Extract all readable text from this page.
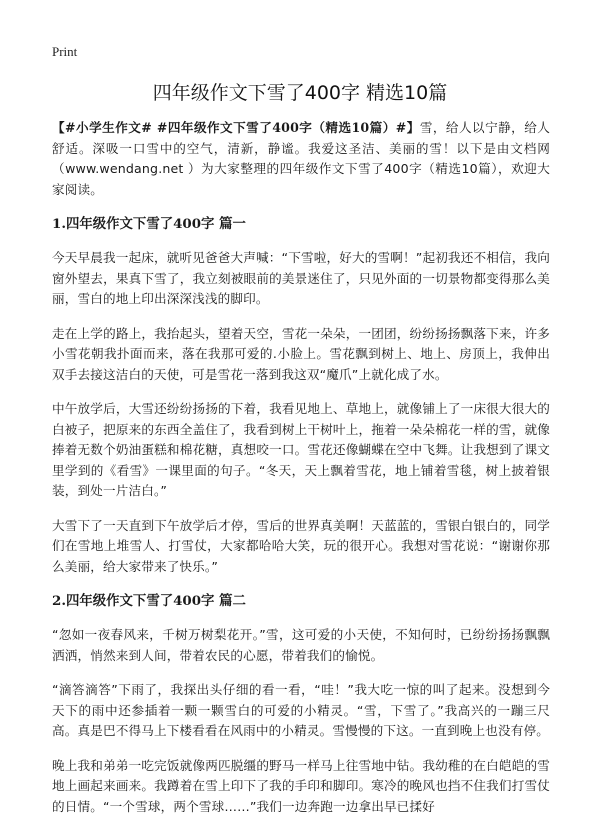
Print
四年级作文下雪了400字 精选10篇

【#小学生作文# #四年级作文下雪了400字（精选10篇）#】雪，给人以宁静，给人舒适。深吸一口雪中的空气，清新，静谧。我爱这圣洁、美丽的雪！以下是由文档网（www.wendang.net ）为大家整理的四年级作文下雪了400字（精选10篇），欢迎大家阅读。

1.四年级作文下雪了400字 篇一

今天早晨我一起床，就听见爸爸大声喊：“下雪啦，好大的雪啊！”起初我还不相信，我向窗外望去，果真下雪了，我立刻被眼前的美景迷住了，只见外面的一切景物都变得那么美丽，雪白的地上印出深深浅浅的脚印。

走在上学的路上，我抬起头，望着天空，雪花一朵朵，一团团，纷纷扬扬飘落下来，许多小雪花朝我扑面而来，落在我那可爱的.小脸上。雪花飘到树上、地上、房顶上，我伸出双手去接这洁白的天使，可是雪花一落到我这双“魔爪”上就化成了水。

中午放学后，大雪还纷纷扬扬的下着，我看见地上、草地上，就像铺上了一床很大很大的白被子，把原来的东西全盖住了，我看到树上干树叶上，拖着一朵朵棉花一样的雪，就像捧着无数个奶油蛋糕和棉花糖，真想咬一口。雪花还像蝴蝶在空中飞舞。让我想到了课文里学到的《看雪》一课里面的句子。“冬天，天上飘着雪花，地上铺着雪毯，树上披着银装，到处一片洁白。”

大雪下了一天直到下午放学后才停，雪后的世界真美啊！天蓝蓝的，雪银白银白的，同学们在雪地上堆雪人、打雪仗，大家都哈哈大笑，玩的很开心。我想对雪花说：“谢谢你那么美丽，给大家带来了快乐。”

2.四年级作文下雪了400字 篇二

“忽如一夜春风来，千树万树梨花开。”雪，这可爱的小天使，不知何时，已纷纷扬扬飘飘洒洒，悄然来到人间，带着农民的心愿，带着我们的愉悦。

“滴答滴答”下雨了，我探出头仔细的看一看，“哇！”我大吃一惊的叫了起来。没想到今天下的雨中还参插着一颗一颗雪白的可爱的小精灵。“雪，下雪了。”我高兴的一蹦三尺高。真是巴不得马上下楼看看在风雨中的小精灵。雪慢慢的下这。一直到晚上也没有停。

晚上我和弟弟一吃完饭就像两匹脱缰的野马一样马上往雪地中钻。我幼稚的在白皑皑的雪地上画起来画来。我蹲着在雪上印下了我的手印和脚印。寒冷的晚风也挡不住我们打雪仗的日情。“一个雪球，两个雪球……”我们一边奔跑一边拿出早已揉好
